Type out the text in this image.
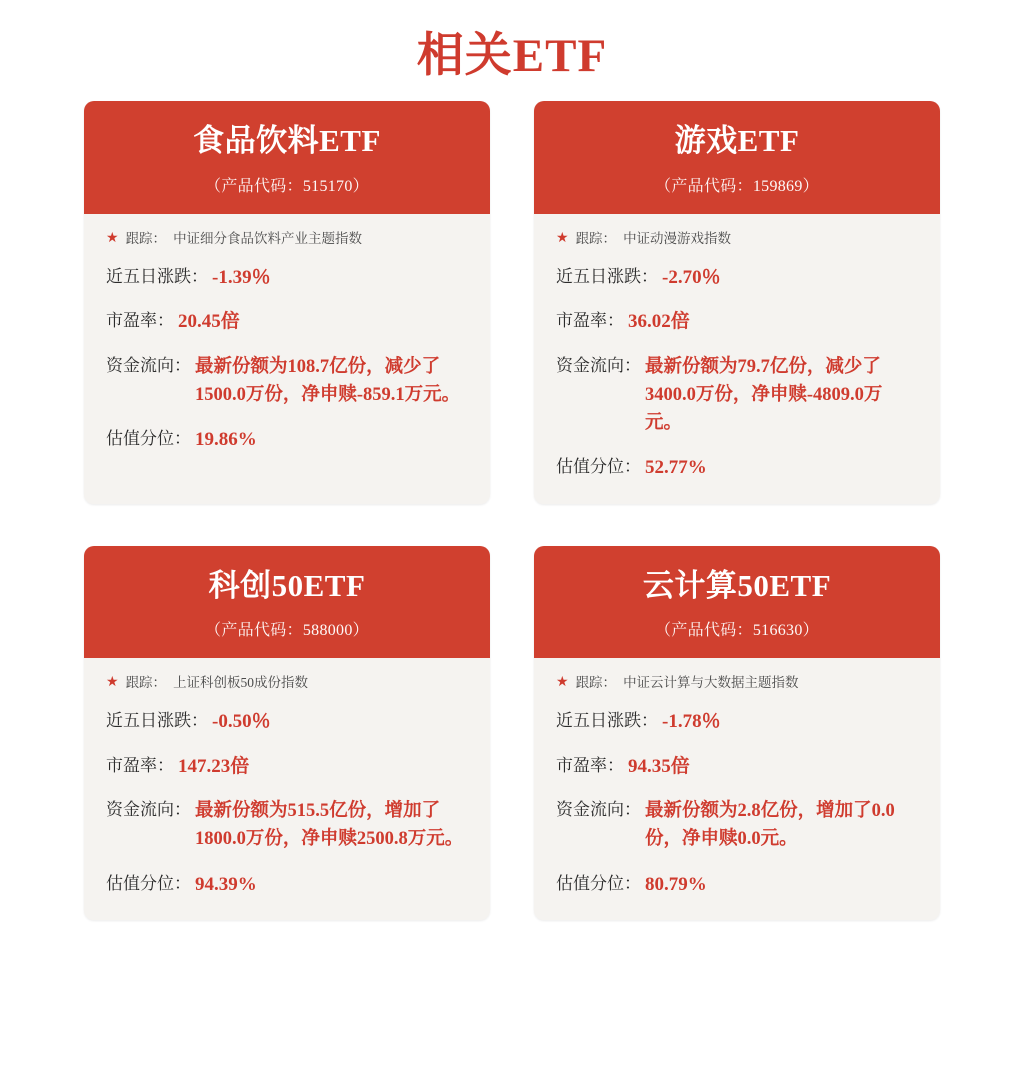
相关ETF
食品饮料ETF
（产品代码：515170）
★ 跟踪： 中证细分食品饮料产业主题指数
近五日涨跌： -1.39％
市盈率： 20.45倍
资金流向： 最新份额为108.7亿份，减少了1500.0万份，净申赎-859.1万元。
估值分位： 19.86%
游戏ETF
（产品代码：159869）
★ 跟踪： 中证动漫游戏指数
近五日涨跌： -2.70％
市盈率： 36.02倍
资金流向： 最新份额为79.7亿份，减少了3400.0万份，净申赎-4809.0万元。
估值分位： 52.77%
科创50ETF
（产品代码：588000）
★ 跟踪： 上证科创板50成份指数
近五日涨跌： -0.50％
市盈率： 147.23倍
资金流向： 最新份额为515.5亿份，增加了1800.0万份，净申赎2500.8万元。
估值分位： 94.39%
云计算50ETF
（产品代码：516630）
★ 跟踪： 中证云计算与大数据主题指数
近五日涨跌： -1.78％
市盈率： 94.35倍
资金流向： 最新份额为2.8亿份，增加了0.0份，净申赎0.0元。
估值分位： 80.79%
